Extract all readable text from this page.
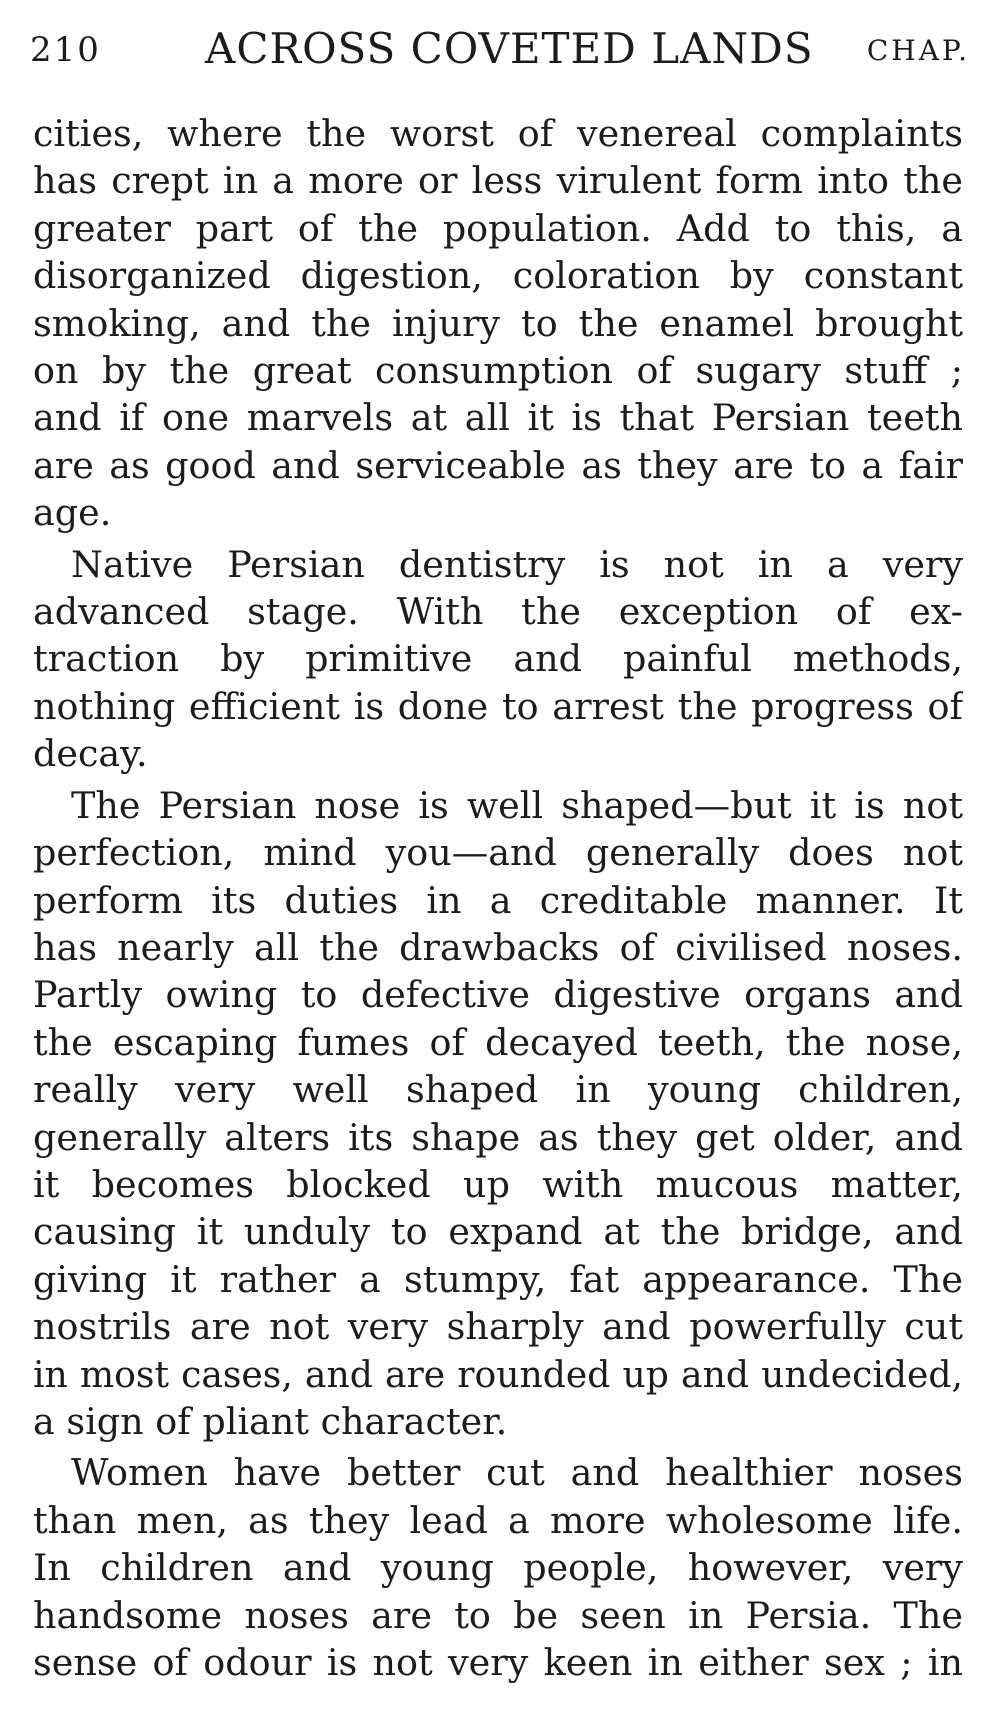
210 ACROSS COVETED LANDS CHAP.
cities, where the worst of venereal complaints
has crept in a more or less virulent form into the
greater part of the population. Add to this, a
disorganized digestion, coloration by constant
smoking, and the injury to the enamel brought
on by the great consumption of sugary stuff ;
and if one marvels at all it is that Persian teeth
are as good and serviceable as they are to a fair
age.
Native Persian dentistry is not in a very
advanced stage. With the exception of ex-
traction by primitive and painful methods,
nothing efficient is done to arrest the progress of
decay.
The Persian nose is well shaped—but it is not
perfection, mind you—and generally does not
perform its duties in a creditable manner. It
has nearly all the drawbacks of civilised noses.
Partly owing to defective digestive organs and
the escaping fumes of decayed teeth, the nose,
really very well shaped in young children,
generally alters its shape as they get older, and
it becomes blocked up with mucous matter,
causing it unduly to expand at the bridge, and
giving it rather a stumpy, fat appearance. The
nostrils are not very sharply and powerfully cut
in most cases, and are rounded up and undecided,
a sign of pliant character.
Women have better cut and healthier noses
than men, as they lead a more wholesome life.
In children and young people, however, very
handsome noses are to be seen in Persia. The
sense of odour is not very keen in either sex ; in
